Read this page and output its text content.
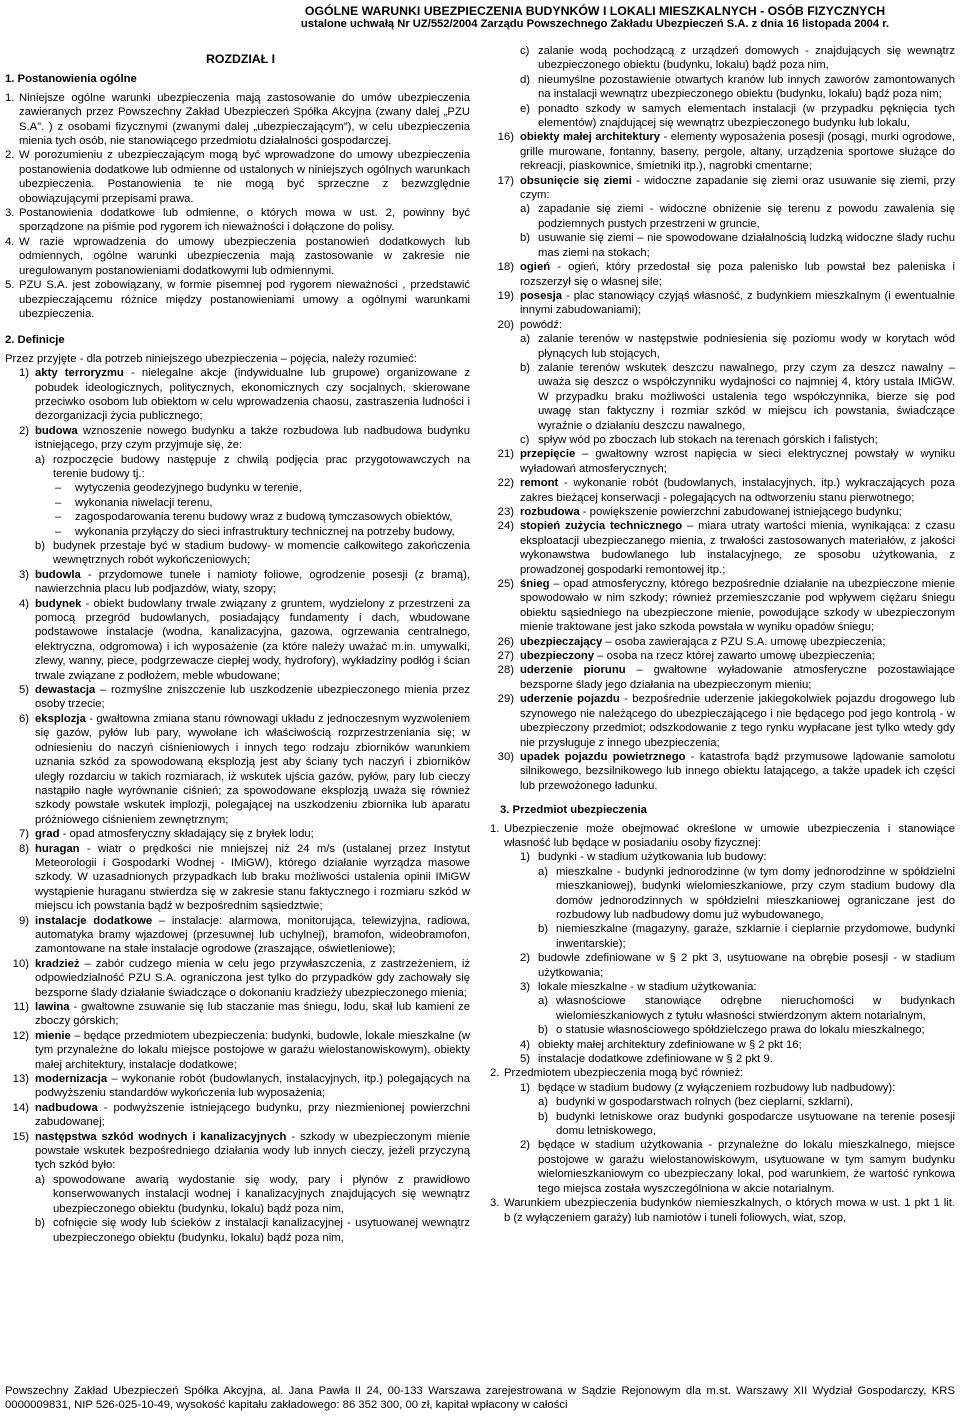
OGÓLNE WARUNKI UBEZPIECZENIA BUDYNKÓW I LOKALI MIESZKALNYCH - OSÓB FIZYCZNYCH
ustalone uchwałą Nr UZ/552/2004 Zarządu Powszechnego Zakładu Ubezpieczeń S.A. z dnia 16 listopada 2004 r.
ROZDZIAŁ I
1. Postanowienia ogólne
1. Niniejsze ogólne warunki ubezpieczenia mają zastosowanie do umów ubezpieczenia zawieranych przez Powszechny Zakład Ubezpieczeń Spółka Akcyjna (zwany dalej „PZU S.A”. ) z osobami fizycznymi (zwanymi dalej „ubezpieczającym”), w celu ubezpieczenia mienia tych osób, nie stanowiącego przedmiotu działalności gospodarczej.
2. W porozumieniu z ubezpieczającym mogą być wprowadzone do umowy ubezpieczenia postanowienia dodatkowe lub odmienne od ustalonych w niniejszych ogólnych warunkach ubezpieczenia. Postanowienia te nie mogą być sprzeczne z bezwzględnie obowiązującymi przepisami prawa.
3. Postanowienia dodatkowe lub odmienne, o których mowa w ust. 2, powinny być sporządzone na piśmie pod rygorem ich nieważności i dołączone do polisy.
4. W razie wprowadzenia do umowy ubezpieczenia postanowień dodatkowych lub odmiennych, ogólne warunki ubezpieczenia mają zastosowanie w zakresie nie uregulowanym postanowieniami dodatkowymi lub odmiennymi.
5. PZU S.A. jest zobowiązany, w formie pisemnej pod rygorem nieważności , przedstawić ubezpieczającemu różnice między postanowieniami umowy a ogólnymi warunkami ubezpieczenia.
2. Definicje
Przez przyjęte - dla potrzeb niniejszego ubezpieczenia – pojęcia, należy rozumieć:
1) akty terroryzmu - nielegalne akcje (indywidualne lub grupowe) organizowane z pobudek ideologicznych, politycznych, ekonomicznych czy socjalnych, skierowane przeciwko osobom lub obiektom w celu wprowadzenia chaosu, zastraszenia ludności i dezorganizacji życia publicznego;
2) budowa wznoszenie nowego budynku a także rozbudowa lub nadbudowa budynku istniejącego, przy czym przyjmuje się, że:
a) rozpoczęcie budowy następuje z chwilą podjęcia prac przygotowawczych na terenie budowy tj.:
–	wytyczenia geodezyjnego budynku w terenie,
–	wykonania niwelacji terenu,
–	zagospodarowania terenu budowy wraz z budową tymczasowych obiektów,
–	wykonania przyłączy do sieci infrastruktury technicznej na potrzeby budowy,
b) budynek przestaje być w stadium budowy- w momencie całkowitego zakończenia wewnętrznych robót wykończeniowych;
3) budowla - przydomowe tunele i namioty foliowe, ogrodzenie posesji (z bramą), nawierzchnia placu lub podjazdów, wiaty, szopy;
4) budynek - obiekt budowlany trwale związany z gruntem, wydzielony z przestrzeni za pomocą przegród budowlanych, posiadający fundamenty i dach, wbudowane podstawowe instalacje (wodna, kanalizacyjna, gazowa, ogrzewania centralnego, elektryczna, odgromowa) i ich wyposażenie (za które należy uważać m.in. umywalki, zlewy, wanny, piece, podgrzewacze ciepłej wody, hydrofory), wykładziny podłóg i ścian trwale związane z podłożem, meble wbudowane;
5) dewastacja – rozmyślne zniszczenie lub uszkodzenie ubezpieczonego mienia przez osoby trzecie;
6) eksplozja - gwałtowna zmiana stanu równowagi układu z jednoczesnym wyzwoleniem się gazów, pyłów lub pary, wywołane ich właściwością rozprzestrzeniania się; w odniesieniu do naczyń ciśnieniowych i innych tego rodzaju zbiorników warunkiem uznania szkód za spowodowaną eksplozją jest aby ściany tych naczyń i zbiorników uległy rozdarciu w takich rozmiarach, iż wskutek ujścia gazów, pyłów, pary lub cieczy nastąpiło nagłe wyrównanie ciśnień; za spowodowane eksplozją uważa się również szkody powstałe wskutek implozji, polegającej na uszkodzeniu zbiornika lub aparatu próżniowego ciśnieniem zewnętrznym;
7) grad - opad atmosferyczny składający się z bryłek lodu;
8) huragan - wiatr o prędkości nie mniejszej niż 24 m/s (ustalanej przez Instytut Meteorologii i Gospodarki Wodnej - IMiGW), którego działanie wyrządza masowe szkody. W uzasadnionych przypadkach lub braku możliwości ustalenia opinii IMiGW wystąpienie huraganu stwierdza się w zakresie stanu faktycznego i rozmiaru szkód w miejscu ich powstania bądź w bezpośrednim sąsiedztwie;
9) instalacje dodatkowe – instalacje: alarmowa, monitorująca, telewizyjna, radiowa, automatyka bramy wjazdowej (przesuwnej lub uchylnej), bramofon, wideobramofon, zamontowane na stałe instalacje ogrodowe (zraszające, oświetleniowe);
10) kradzież – zabór cudzego mienia w celu jego przywłaszczenia, z zastrzeżeniem, iż odpowiedzialność PZU S.A. ograniczona jest tylko do przypadków gdy zachowały się bezsporne ślady działanie świadczące o dokonaniu kradzieży ubezpieczonego mienia;
11) lawina - gwałtowne zsuwanie się lub staczanie mas śniegu, lodu, skał lub kamieni ze zboczy górskich;
12) mienie – będące przedmiotem ubezpieczenia: budynki, budowle, lokale mieszkalne (w tym przynależne do lokalu miejsce postojowe w garażu wielostanowiskowym), obiekty małej architektury, instalacje dodatkowe;
13) modernizacja – wykonanie robót (budowlanych, instalacyjnych, itp.) polegających na podwyższeniu standardów wykończenia lub wyposażenia;
14) nadbudowa - podwyższenie istniejącego budynku, przy niezmienionej powierzchni zabudowanej;
15) następstwa szkód wodnych i kanalizacyjnych - szkody w ubezpieczonym mienie powstałe wskutek bezpośredniego działania wody lub innych cieczy, jeżeli przyczyną tych szkód było:
a) spowodowane awarią wydostanie się wody, pary i płynów z prawidłowo konserwowanych instalacji wodnej i kanalizacyjnych znajdujących się wewnątrz ubezpieczonego obiektu (budynku, lokalu) bądź poza nim,
b) cofnięcie się wody lub ścieków z instalacji kanalizacyjnej - usytuowanej wewnątrz ubezpieczonego obiektu (budynku, lokalu) bądź poza nim,
c) zalanie wodą pochodzącą z urządzeń domowych - znajdujących się wewnątrz ubezpieczonego obiektu (budynku, lokalu) bądź poza nim,
d) nieumyślne pozostawienie otwartych kranów lub innych zaworów zamontowanych na instalacji wewnątrz ubezpieczonego obiektu (budynku, lokalu) bądź poza nim;
e) ponadto szkody w samych elementach instalacji (w przypadku pęknięcia tych elementów) znajdującej się wewnątrz ubezpieczonego budynku lub lokalu,
16) obiekty małej architektury - elementy wyposażenia posesji (posągi, murki ogrodowe, grille murowane, fontanny, baseny, pergole, altany, urządzenia sportowe służące do rekreacji, piaskownice, śmietniki itp.), nagrobki cmentarne;
17) obsunięcie się ziemi - widoczne zapadanie się ziemi oraz usuwanie się ziemi, przy czym:
a) zapadanie się ziemi - widoczne obniżenie się terenu z powodu zawalenia się podziemnych pustych przestrzeni w gruncie,
b) usuwanie się ziemi – nie spowodowane działalnością ludzką widoczne ślady ruchu mas ziemi na stokach;
18) ogień - ogień, który przedostał się poza palenisko lub powstał bez paleniska i rozszerzył się o własnej sile;
19) posesja - plac stanowiący czyjąś własność, z budynkiem mieszkalnym (i ewentualnie innymi zabudowaniami);
20) powódź:
a) zalanie terenów w następstwie podniesienia się poziomu wody w korytach wód płynących lub stojących,
b) zalanie terenów wskutek deszczu nawalnego, przy czym za deszcz nawalny – uważa się deszcz o współczynniku wydajności co najmniej 4, który ustala IMiGW. W przypadku braku możliwości ustalenia tego współczynnika, bierze się pod uwagę stan faktyczny i rozmiar szkód w miejscu ich powstania, świadczące wyraźnie o działaniu deszczu nawalnego,
c) spływ wód po zboczach lub stokach na terenach górskich i falistych;
21) przepięcie – gwałtowny wzrost napięcia w sieci elektrycznej powstały w wyniku wyładowań atmosferycznych;
22) remont - wykonanie robót (budowlanych, instalacyjnych, itp.) wykraczających poza zakres bieżącej konserwacji - polegających na odtworzeniu stanu pierwotnego;
23) rozbudowa - powiększenie powierzchni zabudowanej istniejącego budynku;
24) stopień zużycia technicznego – miara utraty wartości mienia, wynikająca: z czasu eksploatacji ubezpieczanego mienia, z trwałości zastosowanych materiałów, z jakości wykonawstwa budowlanego lub instalacyjnego, ze sposobu użytkowania, z prowadzonej gospodarki remontowej itp.;
25) śnieg – opad atmosferyczny, którego bezpośrednie działanie na ubezpieczone mienie spowodowało w nim szkody; również przemieszczanie pod wpływem ciężaru śniegu obiektu sąsiedniego na ubezpieczone mienie, powodujące szkody w ubezpieczonym mienie traktowane jest jako szkoda powstała w wyniku opadów śniegu;
26) ubezpieczający – osoba zawierająca z PZU S.A. umowę ubezpieczenia;
27) ubezpieczony – osoba na rzecz której zawarto umowę ubezpieczenia;
28) uderzenie piorunu – gwałtowne wyładowanie atmosferyczne pozostawiające bezsporne ślady jego działania na ubezpieczonym mieniu;
29) uderzenie pojazdu - bezpośrednie uderzenie jakiegokolwiek pojazdu drogowego lub szynowego nie należącego do ubezpieczającego i nie będącego pod jego kontrolą - w ubezpieczony przedmiot; odszkodowanie z tego rynku wypłacane jest tylko wtedy gdy nie przysługuje z innego ubezpieczenia;
30) upadek pojazdu powietrznego - katastrofa bądź przymusowe lądowanie samolotu silnikowego, bezsilnikowego lub innego obiektu latającego, a także upadek ich części lub przewożonego ładunku.
3. Przedmiot ubezpieczenia
1. Ubezpieczenie może obejmować określone w umowie ubezpieczenia i stanowiące własność lub będące w posiadaniu osoby fizycznej:
1) budynki - w stadium użytkowania lub budowy:
a) mieszkalne - budynki jednorodzinne (w tym domy jednorodzinne w spółdzielni mieszkaniowej), budynki wielomieszkaniowe, przy czym stadium budowy dla domów jednorodzinnych w spółdzielni mieszkaniowej ograniczane jest do rozbudowy lub nadbudowy domu już wybudowanego,
b) niemieszkalne (magazyny, garaże, szklarnie i cieplarnie przydomowe, budynki inwentarskie);
2) budowle zdefiniowane w § 2 pkt 3, usytuowane na obrębie posesji - w stadium użytkowania;
3) lokale mieszkalne - w stadium użytkowania:
a) własnościowe stanowiące odrębne nieruchomości w budynkach wielomieszkaniowych z tytułu własności stwierdzonym aktem notarialnym,
b) o statusie własnościowego spółdzielczego prawa do lokalu mieszkalnego;
4) obiekty małej architektury zdefiniowane w § 2 pkt 16;
5) instalacje dodatkowe zdefiniowane w § 2 pkt 9.
2. Przedmiotem ubezpieczenia mogą być również:
1) będące w stadium budowy (z wyłączeniem rozbudowy lub nadbudowy):
a) budynki w gospodarstwach rolnych (bez cieplarni, szklarni),
b) budynki letniskowe oraz budynki gospodarcze usytuowane na terenie posesji domu letniskowego,
2) będące w stadium użytkowania - przynależne do lokalu mieszkalnego, miejsce postojowe w garażu wielostanowiskowym, usytuowane w tym samym budynku wielomieszkaniowym co ubezpieczany lokal, pod warunkiem, że wartość rynkowa tego miejsca została wyszczególniona w akcie notarialnym.
3. Warunkiem ubezpieczenia budynków niemieszkalnych, o których mowa w ust. 1 pkt 1 lit. b (z wyłączeniem garaży) lub namiotów i tuneli foliowych, wiat, szop,
Powszechny Zakład Ubezpieczeń Spółka Akcyjna, al. Jana Pawła II 24, 00-133 Warszawa zarejestrowana w Sądzie Rejonowym dla m.st. Warszawy XII Wydział Gospodarczy, KRS 0000009831, NIP 526-025-10-49, wysokość kapitału zakładowego: 86 352 300, 00 zł, kapitał wpłacony w całości
